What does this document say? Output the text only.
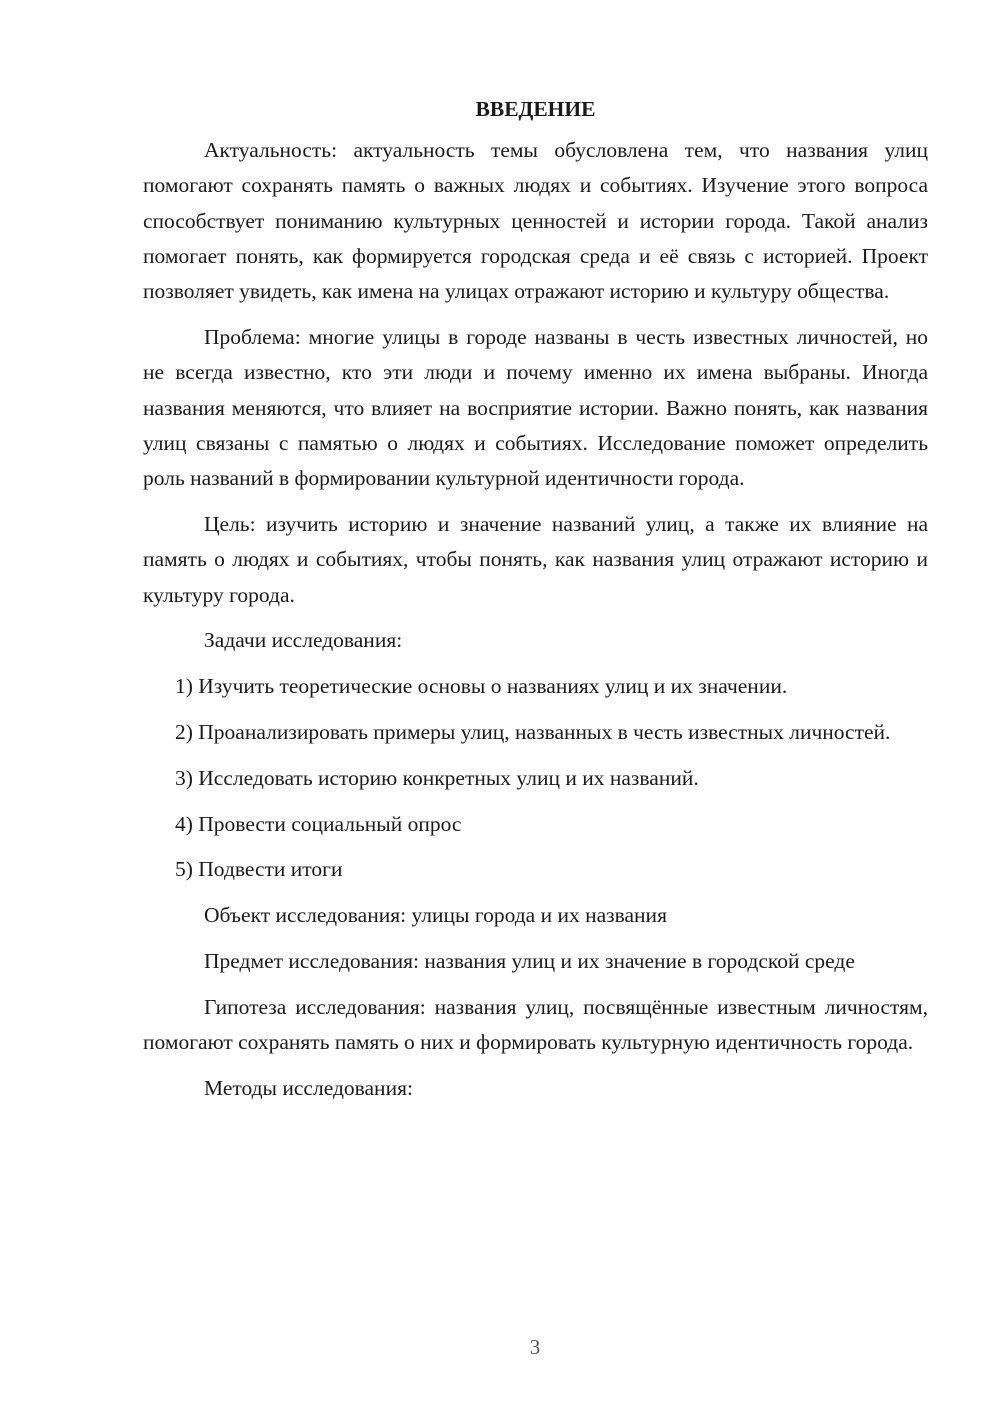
ВВЕДЕНИЕ

Актуальность: актуальность темы обусловлена тем, что названия улиц помогают сохранять память о важных людях и событиях. Изучение этого вопроса способствует пониманию культурных ценностей и истории города. Такой анализ помогает понять, как формируется городская среда и её связь с историей. Проект позволяет увидеть, как имена на улицах отражают историю и культуру общества.

Проблема: многие улицы в городе названы в честь известных личностей, но не всегда известно, кто эти люди и почему именно их имена выбраны. Иногда названия меняются, что влияет на восприятие истории. Важно понять, как названия улиц связаны с памятью о людях и событиях. Исследование поможет определить роль названий в формировании культурной идентичности города.

Цель: изучить историю и значение названий улиц, а также их влияние на память о людях и событиях, чтобы понять, как названия улиц отражают историю и культуру города.

Задачи исследования:

1) Изучить теоретические основы о названиях улиц и их значении.

2) Проанализировать примеры улиц, названных в честь известных личностей.

3) Исследовать историю конкретных улиц и их названий.

4) Провести социальный опрос

5) Подвести итоги

Объект исследования: улицы города и их названия

Предмет исследования: названия улиц и их значение в городской среде

Гипотеза исследования: названия улиц, посвящённые известным личностям, помогают сохранять память о них и формировать культурную идентичность города.

Методы исследования:

3
